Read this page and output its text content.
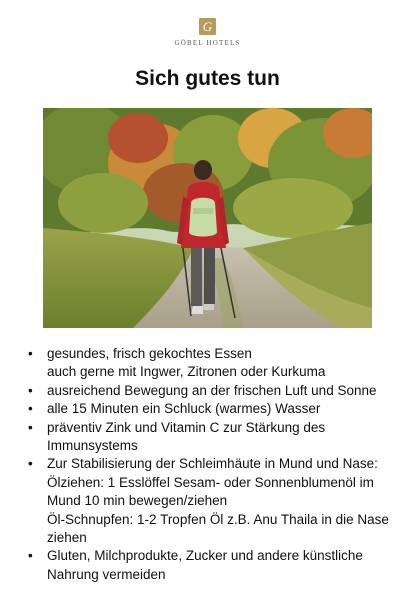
G
GÖBEL HOTELS
Sich gutes tun
• gesundes, frisch gekochtes Essen
auch gerne mit Ingwer, Zitronen oder Kurkuma
• ausreichend Bewegung an der frischen Luft und Sonne
• alle 15 Minuten ein Schluck (warmes) Wasser
• präventiv Zink und Vitamin C zur Stärkung des
Immunsystems
• Zur Stabilisierung der Schleimhäute in Mund und Nase:
Ölziehen: 1 Esslöffel Sesam- oder Sonnenblumenöl im
Mund 10 min bewegen/ziehen
Öl-Schnupfen: 1-2 Tropfen Öl z.B. Anu Thaila in die Nase
ziehen
• Gluten, Milchprodukte, Zucker und andere künstliche
Nahrung vermeiden
